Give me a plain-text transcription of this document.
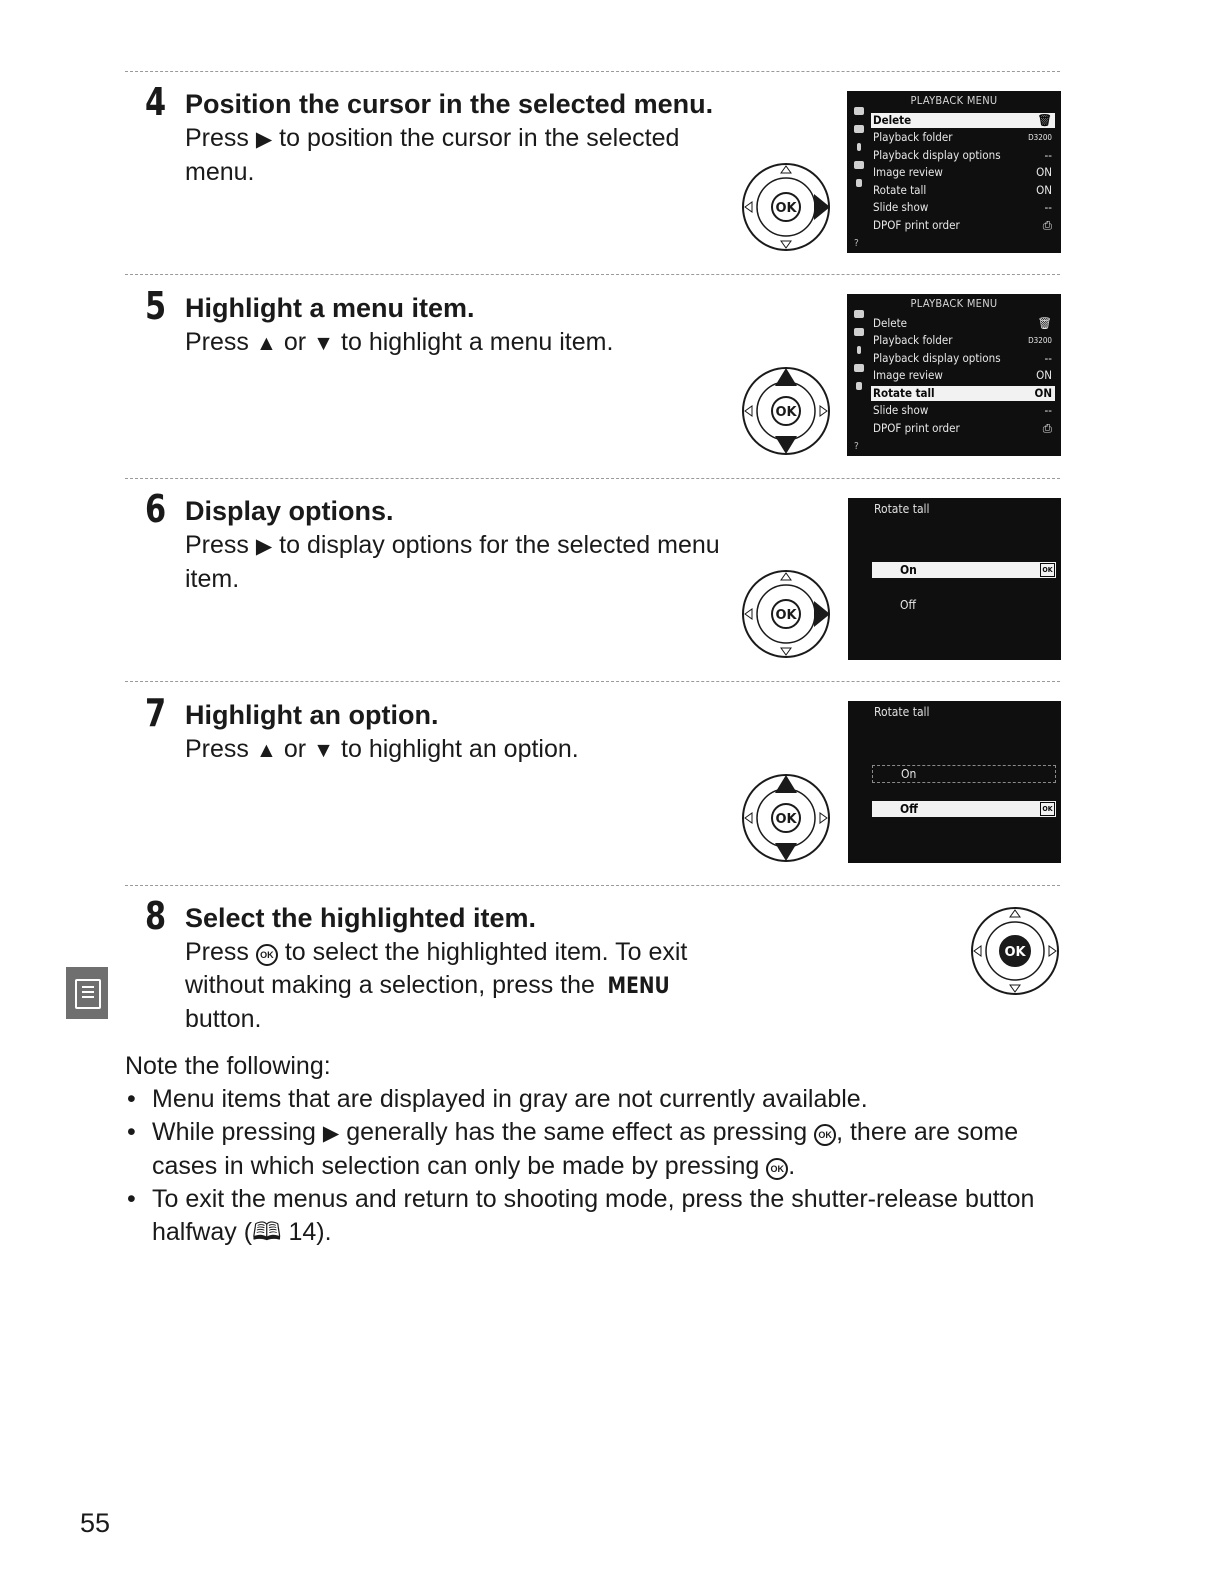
4 Position the cursor in the selected menu.
Press ▶ to position the cursor in the selected menu.
5 Highlight a menu item.
Press ▲ or ▼ to highlight a menu item.
6 Display options.
Press ▶ to display options for the selected menu item.
7 Highlight an option.
Press ▲ or ▼ to highlight an option.
8 Select the highlighted item.
Press OK to select the highlighted item. To exit without making a selection, press the MENU button.
OK
OK
OK
OK
OK
PLAYBACK MENU
?
Delete	🗑
Playback folder	D3200
Playback display options	--
Image review	ON
Rotate tall	ON
Slide show	--
DPOF print order	⎙
PLAYBACK MENU
?
Delete	🗑
Playback folder	D3200
Playback display options	--
Image review	ON
Rotate tall	ON
Slide show	--
DPOF print order	⎙
Rotate tall
On	OK
Off
Rotate tall
On
Off	OK
Note the following:
• Menu items that are displayed in gray are not currently available.
• While pressing ▶ generally has the same effect as pressing OK , there are some cases in which selection can only be made by pressing OK .
• To exit the menus and return to shooting mode, press the shutter-release button halfway (🕮 14).
55
